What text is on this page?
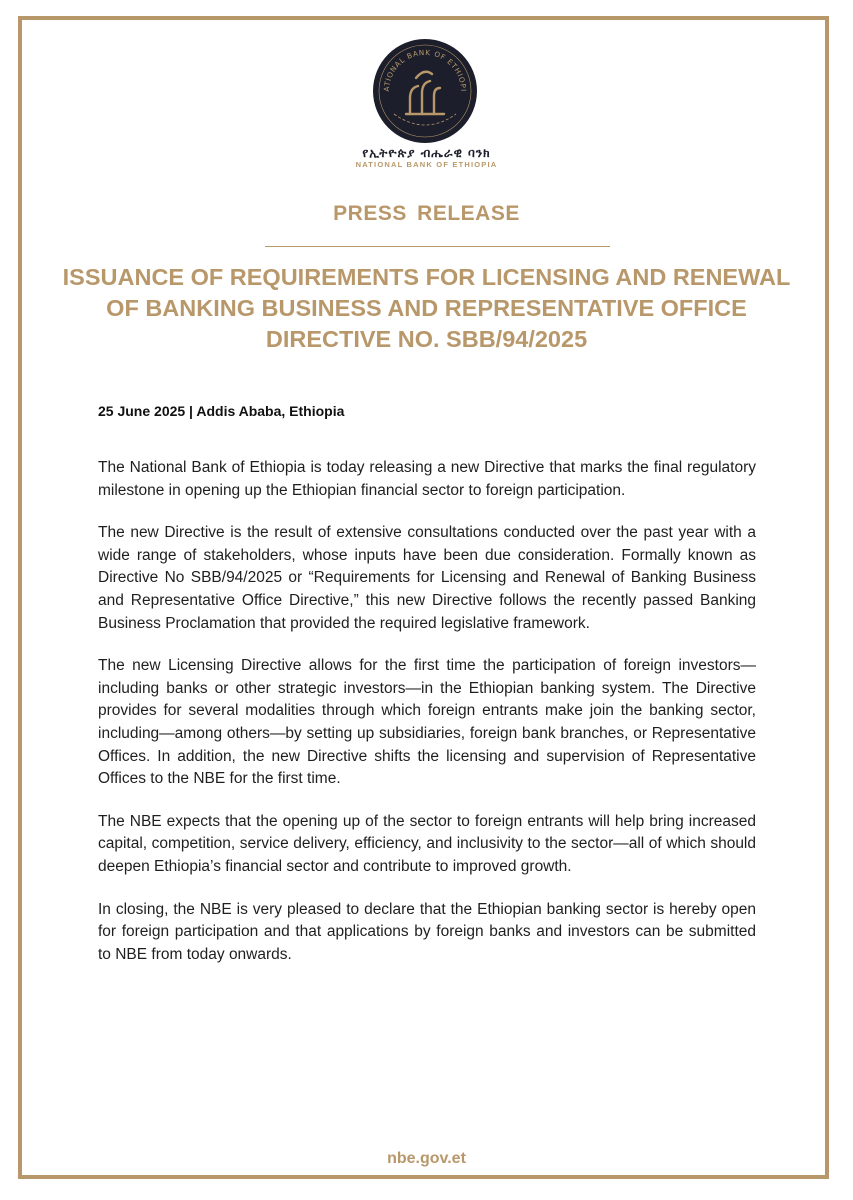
ATIONAL BANK OF ETHIOPI
የኢትዮጵያ ብሔራዊ ባንክ
NATIONAL BANK OF ETHIOPIA
PRESS RELEASE
ISSUANCE OF REQUIREMENTS FOR LICENSING AND RENEWAL OF BANKING BUSINESS AND REPRESENTATIVE OFFICE DIRECTIVE NO. SBB/94/2025
25 June 2025 | Addis Ababa, Ethiopia

The National Bank of Ethiopia is today releasing a new Directive that marks the final regulatory milestone in opening up the Ethiopian financial sector to foreign participation.

The new Directive is the result of extensive consultations conducted over the past year with a wide range of stakeholders, whose inputs have been due consideration. Formally known as Directive No SBB/94/2025 or “Requirements for Licensing and Renewal of Banking Business and Representative Office Directive,” this new Directive follows the recently passed Banking Business Proclamation that provided the required legislative framework.

The new Licensing Directive allows for the first time the participation of foreign investors— including banks or other strategic investors—in the Ethiopian banking system. The Directive provides for several modalities through which foreign entrants make join the banking sector, including—among others—by setting up subsidiaries, foreign bank branches, or Representative Offices. In addition, the new Directive shifts the licensing and supervision of Representative Offices to the NBE for the first time.

The NBE expects that the opening up of the sector to foreign entrants will help bring increased capital, competition, service delivery, efficiency, and inclusivity to the sector—all of which should deepen Ethiopia’s financial sector and contribute to improved growth.

In closing, the NBE is very pleased to declare that the Ethiopian banking sector is hereby open for foreign participation and that applications by foreign banks and investors can be submitted to NBE from today onwards.

nbe.gov.et
